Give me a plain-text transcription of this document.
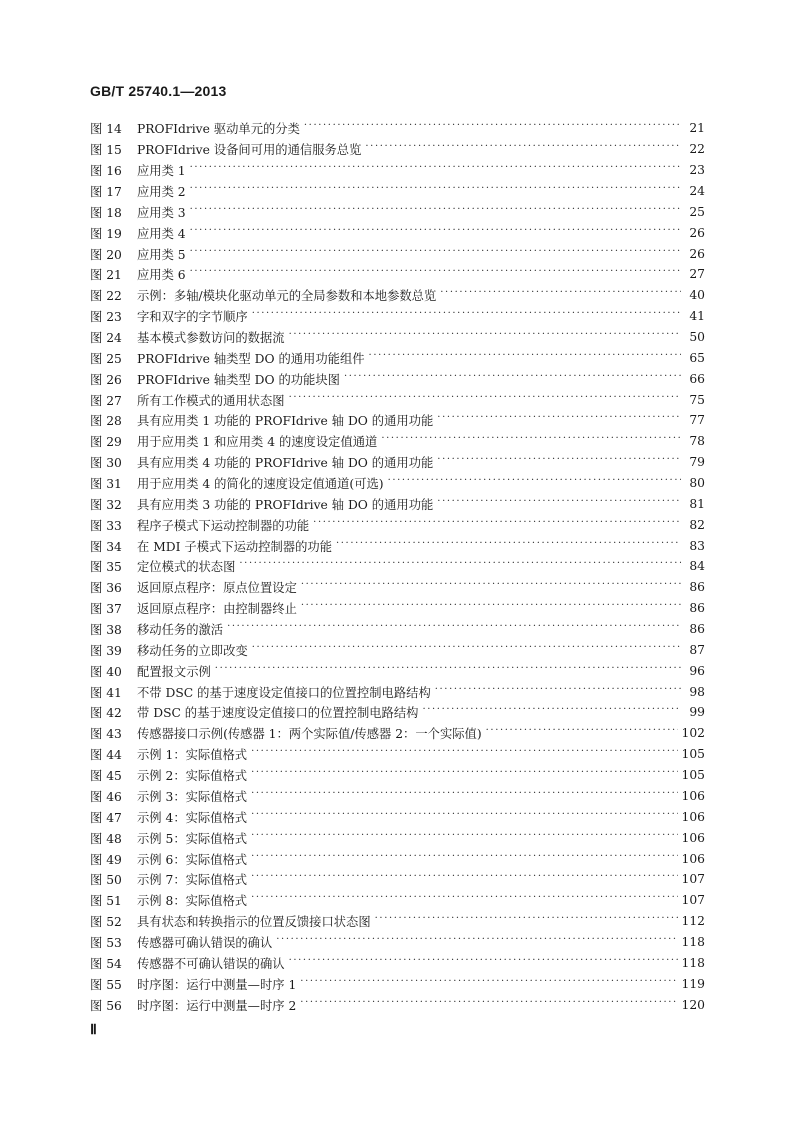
GB/T 25740.1—2013
图 14	PROFIdrive 驱动单元的分类 ·····	21
图 15	PROFIdrive 设备间可用的通信服务总览 ·····	22
图 16	应用类 1 ·····	23
图 17	应用类 2 ·····	24
图 18	应用类 3 ·····	25
图 19	应用类 4 ·····	26
图 20	应用类 5 ·····	26
图 21	应用类 6 ·····	27
图 22	示例：多轴/模块化驱动单元的全局参数和本地参数总览 ·····	40
图 23	字和双字的字节顺序 ·····	41
图 24	基本模式参数访问的数据流 ·····	50
图 25	PROFIdrive 轴类型 DO 的通用功能组件 ·····	65
图 26	PROFIdrive 轴类型 DO 的功能块图 ·····	66
图 27	所有工作模式的通用状态图 ·····	75
图 28	具有应用类 1 功能的 PROFIdrive 轴 DO 的通用功能 ·····	77
图 29	用于应用类 1 和应用类 4 的速度设定值通道 ·····	78
图 30	具有应用类 4 功能的 PROFIdrive 轴 DO 的通用功能 ·····	79
图 31	用于应用类 4 的简化的速度设定值通道(可选) ·····	80
图 32	具有应用类 3 功能的 PROFIdrive 轴 DO 的通用功能 ·····	81
图 33	程序子模式下运动控制器的功能 ·····	82
图 34	在 MDI 子模式下运动控制器的功能 ·····	83
图 35	定位模式的状态图 ·····	84
图 36	返回原点程序：原点位置设定 ·····	86
图 37	返回原点程序：由控制器终止 ·····	86
图 38	移动任务的激活 ·····	86
图 39	移动任务的立即改变 ·····	87
图 40	配置报文示例 ·····	96
图 41	不带 DSC 的基于速度设定值接口的位置控制电路结构 ·····	98
图 42	带 DSC 的基于速度设定值接口的位置控制电路结构 ·····	99
图 43	传感器接口示例(传感器 1：两个实际值/传感器 2：一个实际值) ·····	102
图 44	示例 1：实际值格式 ·····	105
图 45	示例 2：实际值格式 ·····	105
图 46	示例 3：实际值格式 ·····	106
图 47	示例 4：实际值格式 ·····	106
图 48	示例 5：实际值格式 ·····	106
图 49	示例 6：实际值格式 ·····	106
图 50	示例 7：实际值格式 ·····	107
图 51	示例 8：实际值格式 ·····	107
图 52	具有状态和转换指示的位置反馈接口状态图 ·····	112
图 53	传感器可确认错误的确认 ·····	118
图 54	传感器不可确认错误的确认 ·····	118
图 55	时序图：运行中测量—时序 1 ·····	119
图 56	时序图：运行中测量—时序 2 ·····	120
Ⅱ
